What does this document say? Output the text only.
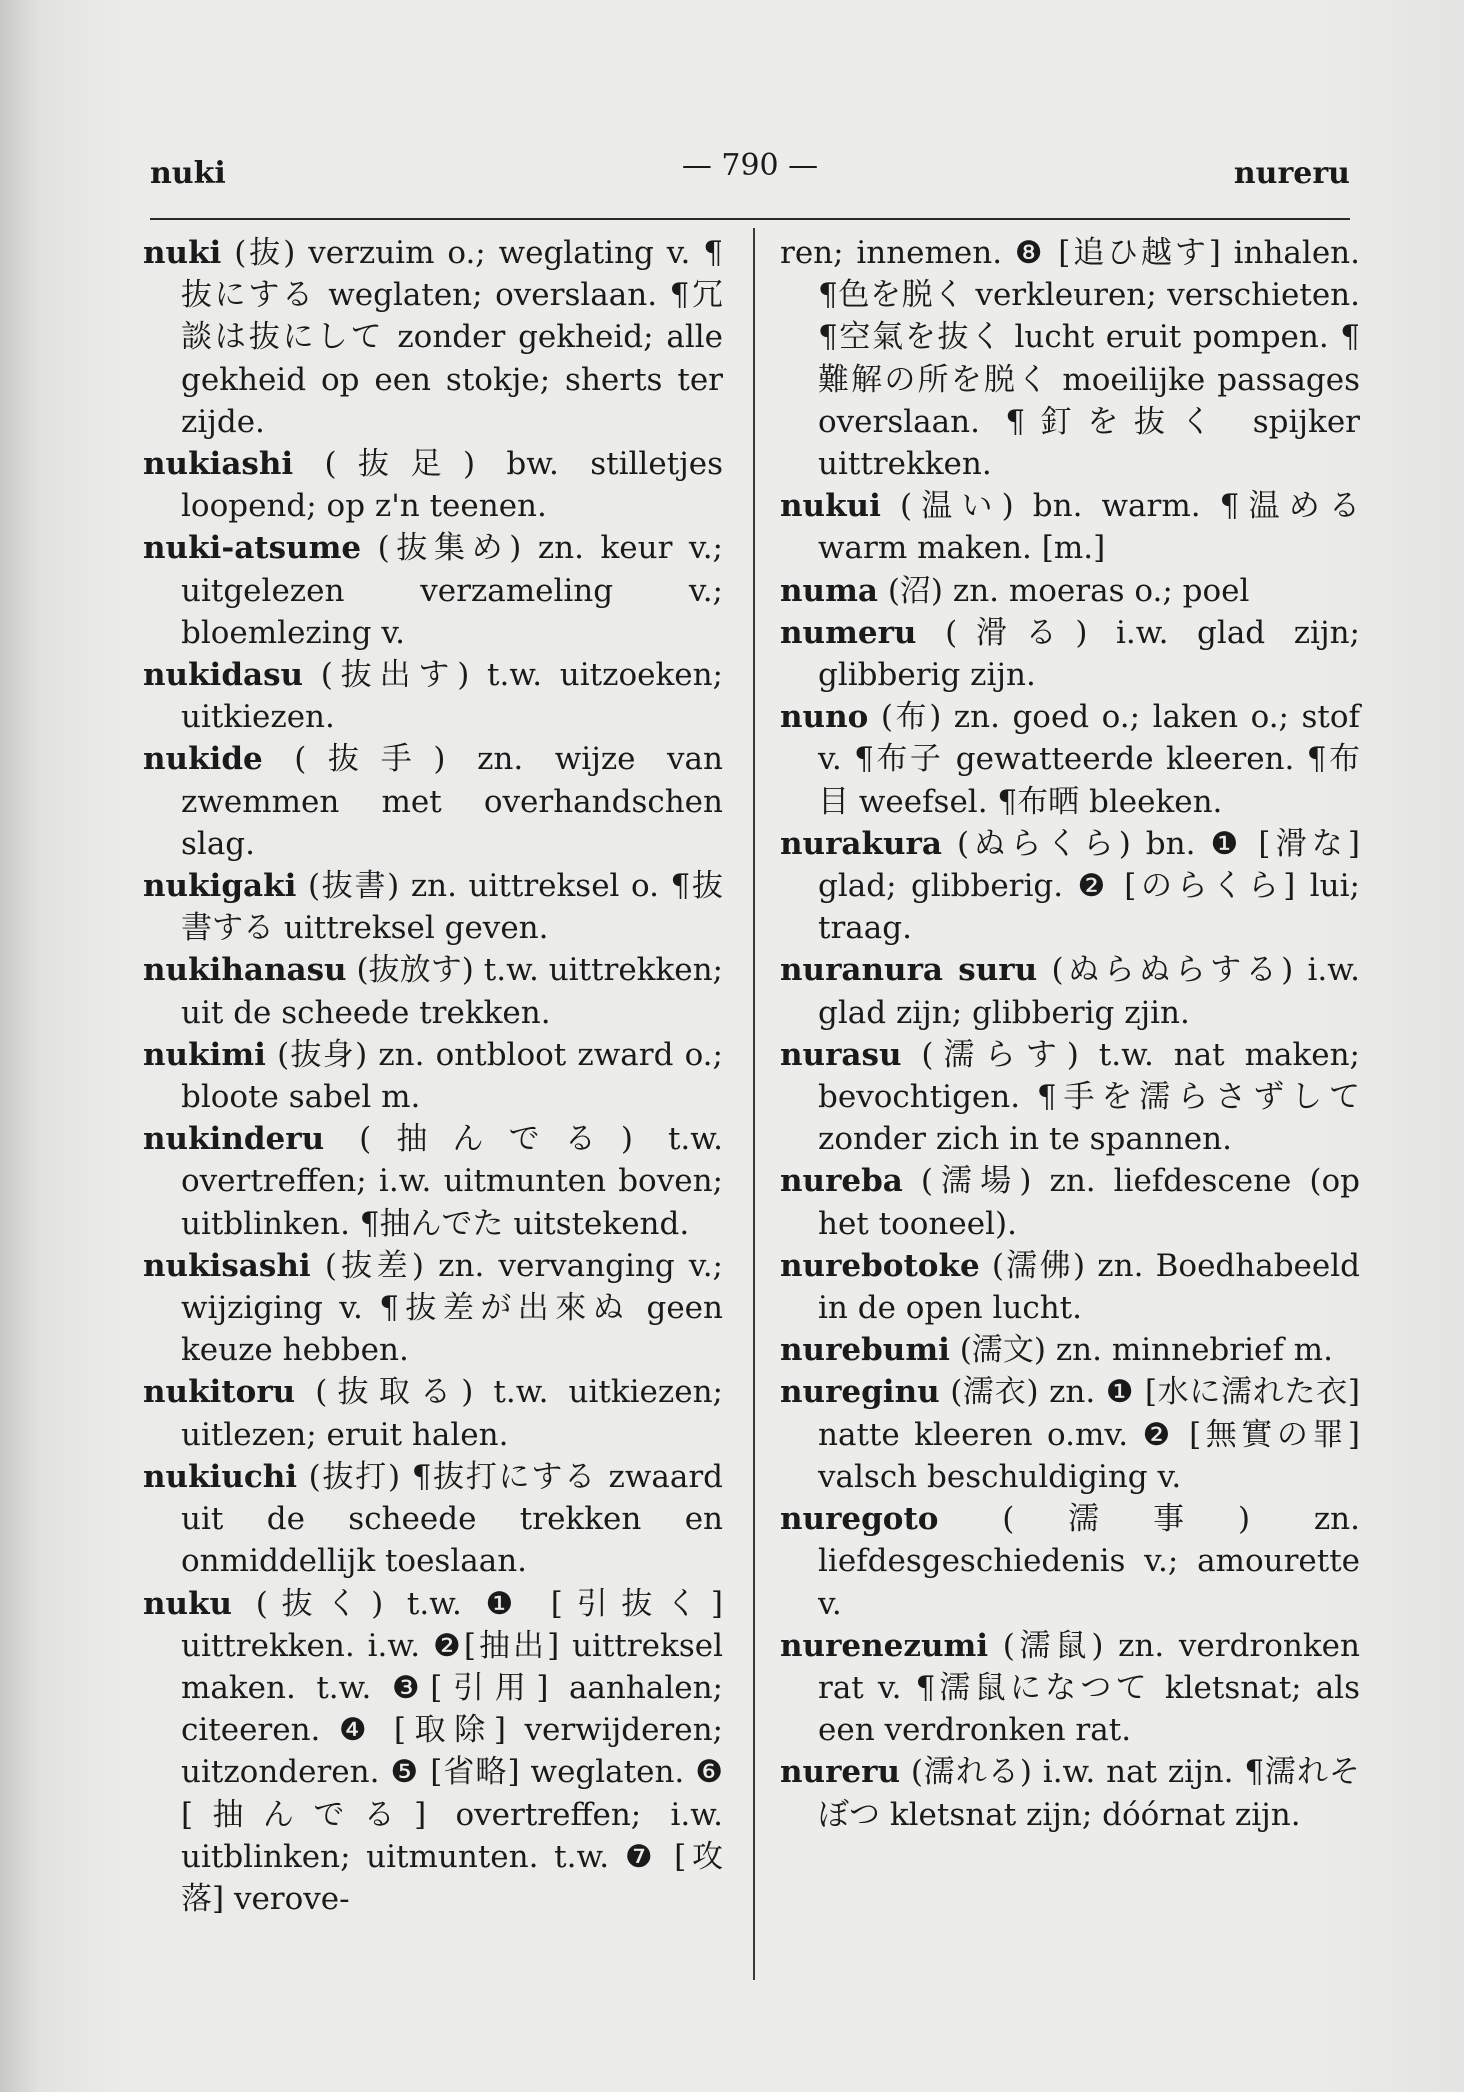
nuki	— 790 —	nureru

nuki (抜) verzuim o.; weglating v. ¶抜にする weglaten; overslaan. ¶冗談は抜にして zonder gekheid; alle gekheid op een stokje; sherts ter zijde.

nukiashi (抜足) bw. stilletjes loopend; op z'n teenen.

nuki-atsume (抜集め) zn. keur v.; uitgelezen verzameling v.; bloemlezing v.

nukidasu (抜出す) t.w. uitzoeken; uitkiezen.

nukide (抜手) zn. wijze van zwemmen met overhandschen slag.

nukigaki (抜書) zn. uittreksel o. ¶抜書する uittreksel geven.

nukihanasu (抜放す) t.w. uittrekken; uit de scheede trekken.

nukimi (抜身) zn. ontbloot zward o.; bloote sabel m.

nukinderu (抽んでる) t.w. overtreffen; i.w. uitmunten boven; uitblinken. ¶抽んでた uitstekend.

nukisashi (抜差) zn. vervanging v.; wijziging v. ¶抜差が出來ぬ geen keuze hebben.

nukitoru (抜取る) t.w. uitkiezen; uitlezen; eruit halen.

nukiuchi (抜打) ¶抜打にする zwaard uit de scheede trekken en onmiddellijk toeslaan.

nuku (抜く) t.w. ❶ [引抜く] uittrekken. i.w. ❷[抽出] uittreksel maken. t.w. ❸[引用] aanhalen; citeeren. ❹ [取除] verwijderen; uitzonderen. ❺ [省略] weglaten. ❻ [抽んでる] overtreffen; i.w. uitblinken; uitmunten. t.w. ❼ [攻落] verove-

ren; innemen. ❽ [追ひ越す] inhalen. ¶色を脱く verkleuren; verschieten. ¶空氣を抜く lucht eruit pompen. ¶難解の所を脱く moeilijke passages overslaan. ¶釘を抜く spijker uittrekken.

nukui (温い) bn. warm. ¶温める warm maken. [m.]

numa (沼) zn. moeras o.; poel

numeru (滑る) i.w. glad zijn; glibberig zijn.

nuno (布) zn. goed o.; laken o.; stof v. ¶布子 gewatteerde kleeren. ¶布目 weefsel. ¶布晒 bleeken.

nurakura (ぬらくら) bn. ❶ [滑な] glad; glibberig. ❷ [のらくら] lui; traag.

nuranura suru (ぬらぬらする) i.w. glad zijn; glibberig zjin.

nurasu (濡らす) t.w. nat maken; bevochtigen. ¶手を濡らさずして zonder zich in te spannen.

nureba (濡場) zn. liefdescene (op het tooneel).

nurebotoke (濡佛) zn. Boedhabeeld in de open lucht.

nurebumi (濡文) zn. minnebrief m.

nureginu (濡衣) zn. ❶ [水に濡れた衣] natte kleeren o.mv. ❷ [無實の罪] valsch beschuldiging v.

nuregoto (濡事) zn. liefdesgeschiedenis v.; amourette v.

nurenezumi (濡鼠) zn. verdronken rat v. ¶濡鼠になつて kletsnat; als een verdronken rat.

nureru (濡れる) i.w. nat zijn. ¶濡れそぼつ kletsnat zijn; dóórnat zijn.
